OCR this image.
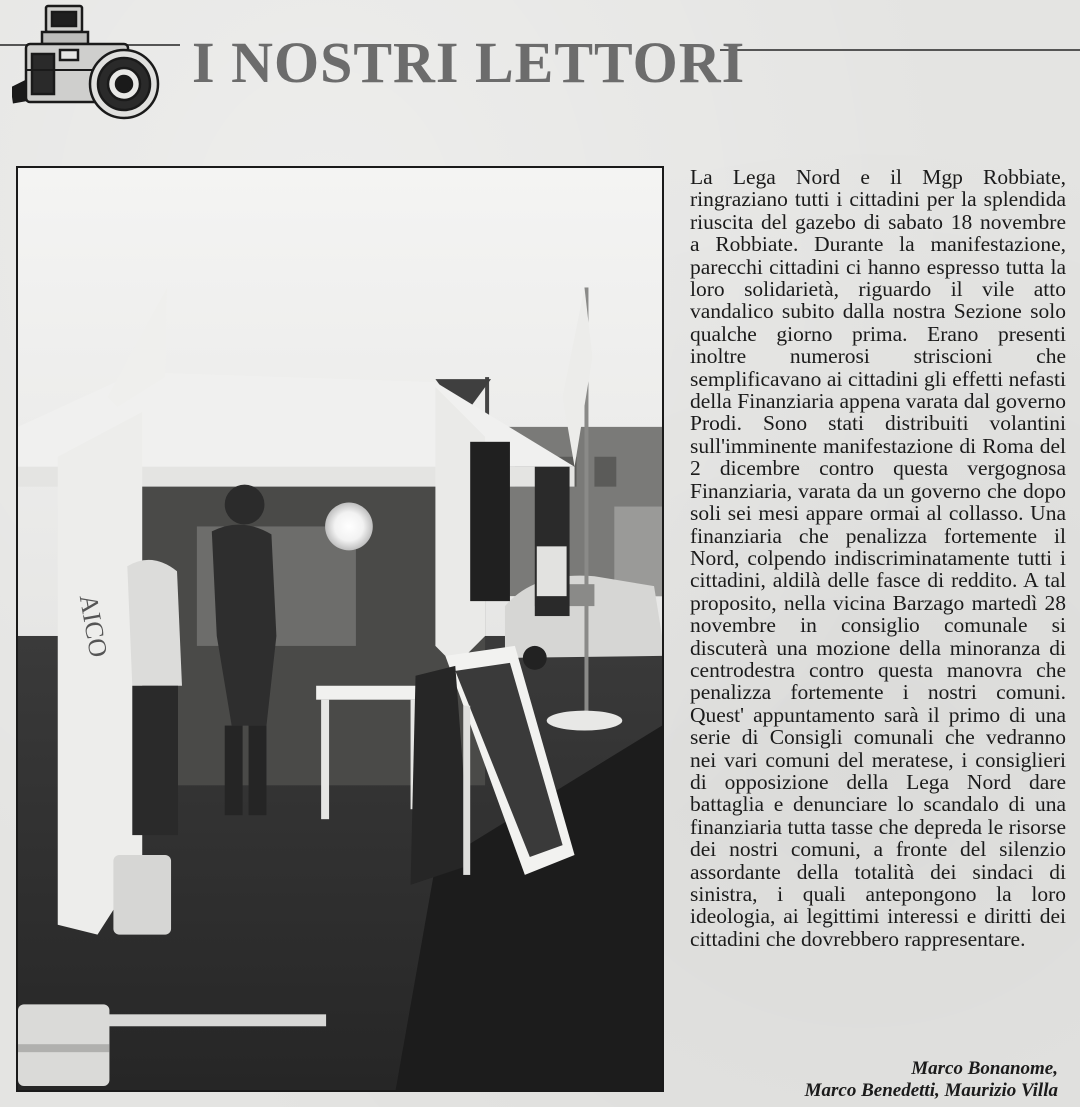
I NOSTRI LETTORI
AICO

La Lega Nord e il Mgp Robbiate, ringraziano tutti i cittadini per la splendida riuscita del gazebo di sabato 18 novembre a Robbiate. Durante la manifestazione, parecchi cittadini ci hanno espresso tutta la loro solidarietà, riguardo il vile atto vandalico subito dalla nostra Sezione solo qualche giorno prima. Erano presenti inoltre numerosi striscioni che semplificavano ai cittadini gli effetti nefasti della Finanziaria appena varata dal governo Prodi. Sono stati distribuiti volantini sull'imminente manifestazione di Roma del 2 dicembre contro questa vergognosa Finanziaria, varata da un governo che dopo soli sei mesi appare ormai al collasso. Una finanziaria che penalizza fortemente il Nord, colpendo indiscriminatamente tutti i cittadini, aldilà delle fasce di reddito. A tal proposito, nella vicina Barzago martedì 28 novembre in consiglio comunale si discuterà una mozione della minoranza di centrodestra contro questa manovra che penalizza fortemente i nostri comuni. Quest' appuntamento sarà il primo di una serie di Consigli comunali che vedranno nei vari comuni del meratese, i consiglieri di opposizione della Lega Nord dare battaglia e denunciare lo scandalo di una finanziaria tutta tasse che depreda le risorse dei nostri comuni, a fronte del silenzio assordante della totalità dei sindaci di sinistra, i quali antepongono la loro ideologia, ai legittimi interessi e diritti dei cittadini che dovrebbero rappresentare.

Marco Bonanome,
Marco Benedetti, Maurizio Villa
